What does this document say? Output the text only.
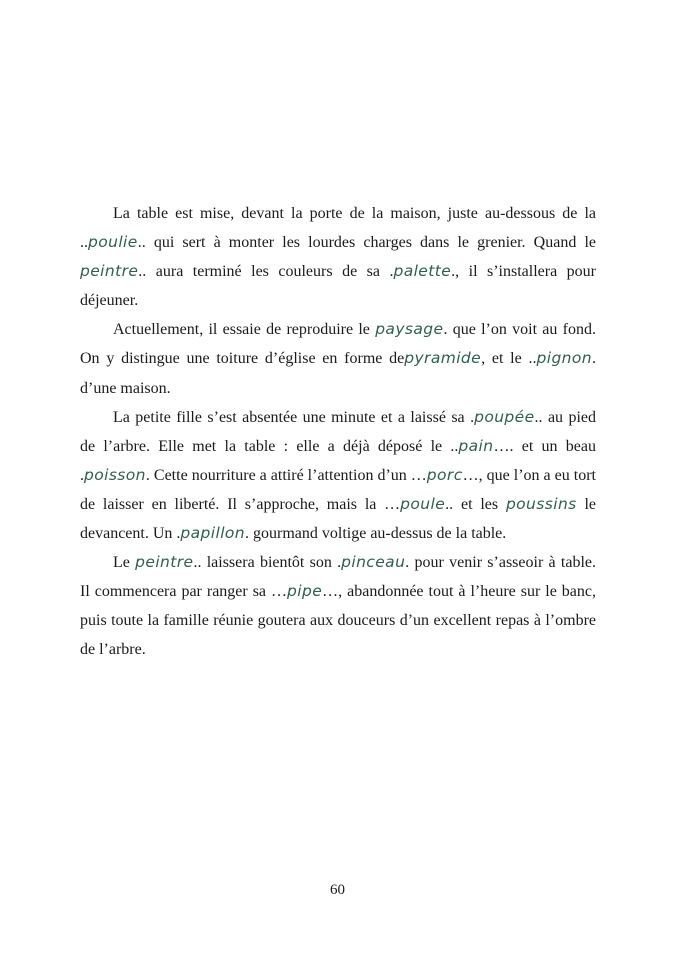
La table est mise, devant la porte de la maison, juste au-dessous de la ..poulie.. qui sert à monter les lourdes charges dans le grenier. Quand le peintre.. aura terminé les couleurs de sa .palette., il s’installera pour déjeuner.

Actuellement, il essaie de reproduire le paysage. que l’on voit au fond. On y distingue une toiture d’église en forme depyramide, et le ..pignon. d’une maison.

La petite fille s’est absentée une minute et a laissé sa .poupée.. au pied de l’arbre. Elle met la table : elle a déjà déposé le ..pain…. et un beau .poisson. Cette nourriture a attiré l’attention d’un …porc…, que l’on a eu tort de laisser en liberté. Il s’approche, mais la …poule.. et les poussins le devancent. Un .papillon. gourmand voltige au-dessus de la table.

Le peintre.. laissera bientôt son .pinceau. pour venir s’asseoir à table. Il commencera par ranger sa …pipe…, abandonnée tout à l’heure sur le banc, puis toute la famille réunie goutera aux douceurs d’un excellent repas à l’ombre de l’arbre.

60
